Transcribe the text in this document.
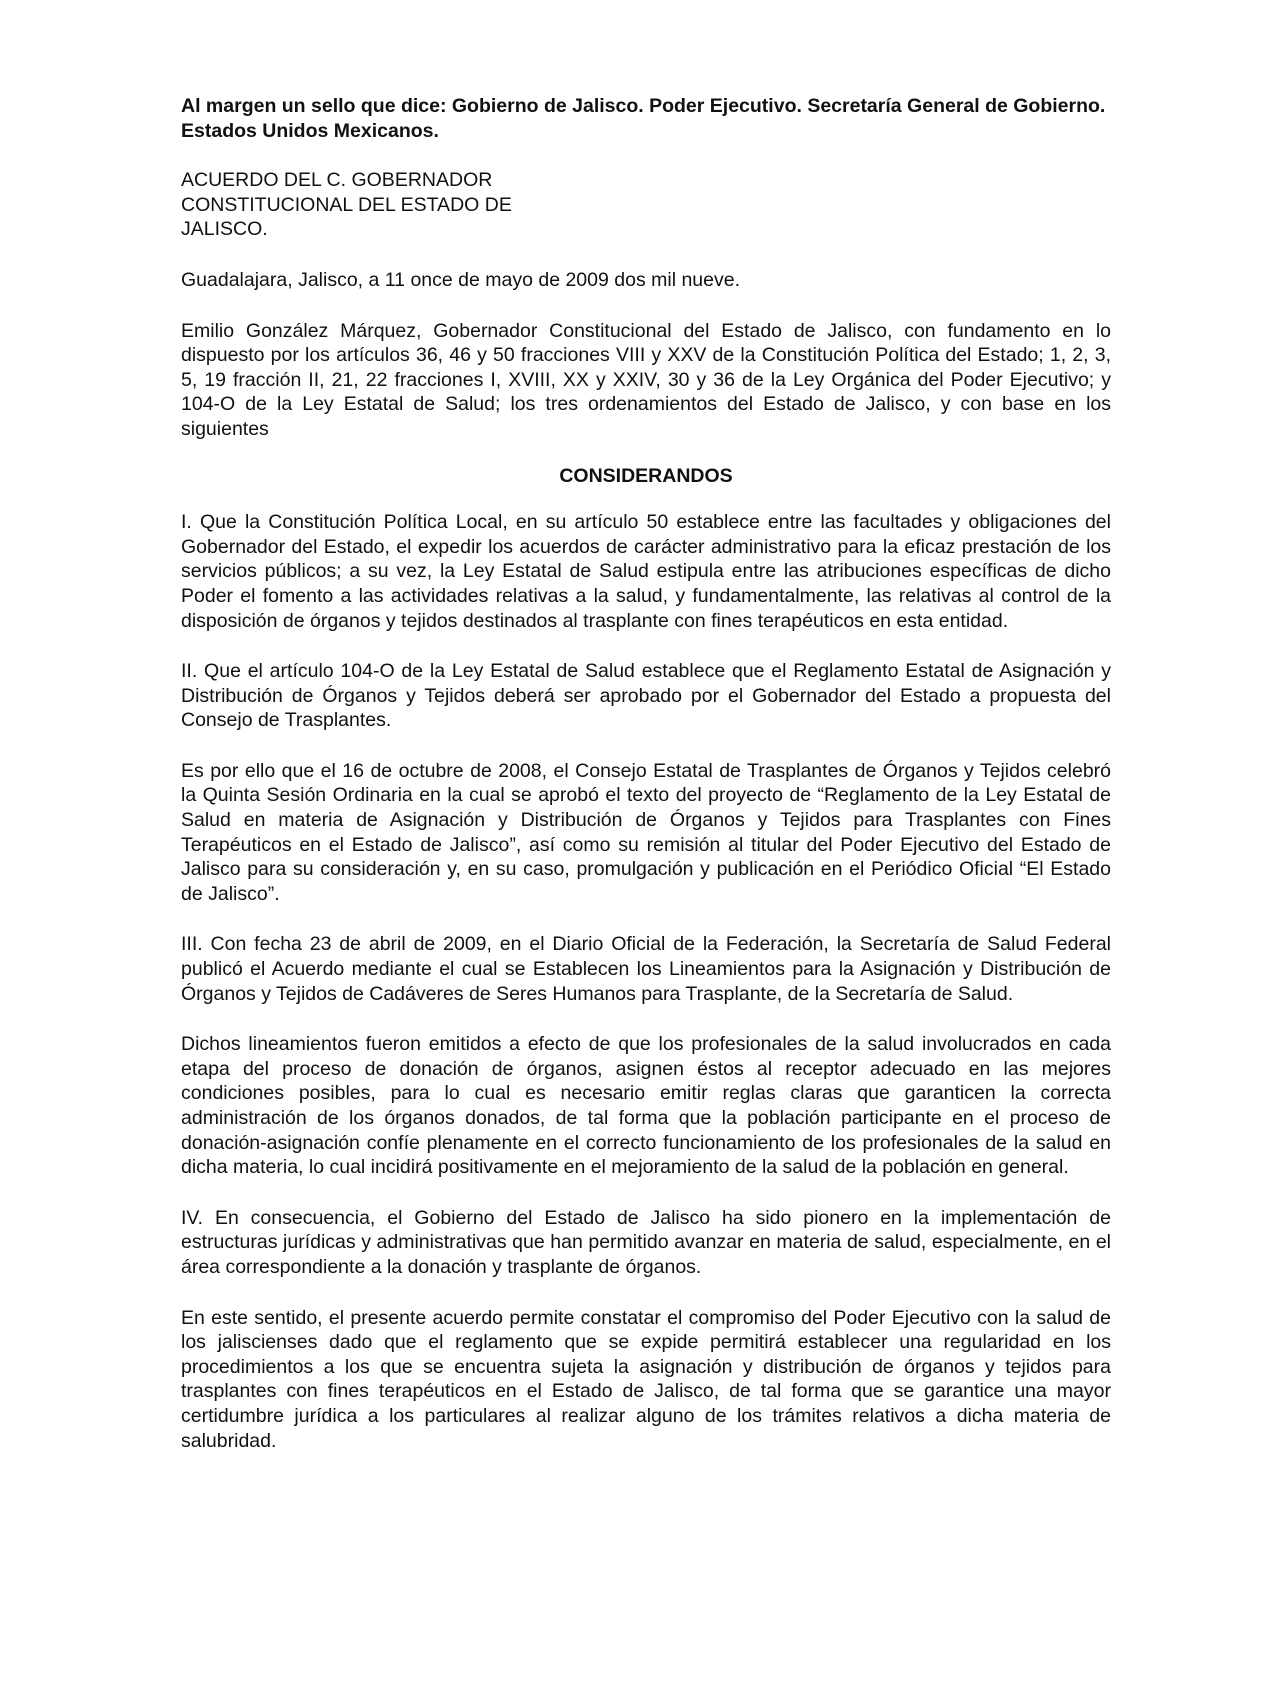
Al margen un sello que dice: Gobierno de Jalisco. Poder Ejecutivo. Secretaría General de Gobierno. Estados Unidos Mexicanos.

ACUERDO DEL C. GOBERNADOR
CONSTITUCIONAL DEL ESTADO DE
JALISCO.

Guadalajara, Jalisco, a 11 once de mayo de 2009 dos mil nueve.

Emilio González Márquez, Gobernador Constitucional del Estado de Jalisco, con fundamento en lo dispuesto por los artículos 36, 46 y 50 fracciones VIII y XXV de la Constitución Política del Estado; 1, 2, 3, 5, 19 fracción II, 21, 22 fracciones I, XVIII, XX y XXIV, 30 y 36 de la Ley Orgánica del Poder Ejecutivo; y 104-O de la Ley Estatal de Salud; los tres ordenamientos del Estado de Jalisco, y con base en los siguientes

CONSIDERANDOS

I. Que la Constitución Política Local, en su artículo 50 establece entre las facultades y obligaciones del Gobernador del Estado, el expedir los acuerdos de carácter administrativo para la eficaz prestación de los servicios públicos; a su vez, la Ley Estatal de Salud estipula entre las atribuciones específicas de dicho Poder el fomento a las actividades relativas a la salud, y fundamentalmente, las relativas al control de la disposición de órganos y tejidos destinados al trasplante con fines terapéuticos en esta entidad.

II. Que el artículo 104-O de la Ley Estatal de Salud establece que el Reglamento Estatal de Asignación y Distribución de Órganos y Tejidos deberá ser aprobado por el Gobernador del Estado a propuesta del Consejo de Trasplantes.

Es por ello que el 16 de octubre de 2008, el Consejo Estatal de Trasplantes de Órganos y Tejidos celebró la Quinta Sesión Ordinaria en la cual se aprobó el texto del proyecto de “Reglamento de la Ley Estatal de Salud en materia de Asignación y Distribución de Órganos y Tejidos para Trasplantes con Fines Terapéuticos en el Estado de Jalisco”, así como su remisión al titular del Poder Ejecutivo del Estado de Jalisco para su consideración y, en su caso, promulgación y publicación en el Periódico Oficial “El Estado de Jalisco”.

III. Con fecha 23 de abril de 2009, en el Diario Oficial de la Federación, la Secretaría de Salud Federal publicó el Acuerdo mediante el cual se Establecen los Lineamientos para la Asignación y Distribución de Órganos y Tejidos de Cadáveres de Seres Humanos para Trasplante, de la Secretaría de Salud.

Dichos lineamientos fueron emitidos a efecto de que los profesionales de la salud involucrados en cada etapa del proceso de donación de órganos, asignen éstos al receptor adecuado en las mejores condiciones posibles, para lo cual es necesario emitir reglas claras que garanticen la correcta administración de los órganos donados, de tal forma que la población participante en el proceso de donación-asignación confíe plenamente en el correcto funcionamiento de los profesionales de la salud en dicha materia, lo cual incidirá positivamente en el mejoramiento de la salud de la población en general.

IV. En consecuencia, el Gobierno del Estado de Jalisco ha sido pionero en la implementación de estructuras jurídicas y administrativas que han permitido avanzar en materia de salud, especialmente, en el área correspondiente a la donación y trasplante de órganos.

En este sentido, el presente acuerdo permite constatar el compromiso del Poder Ejecutivo con la salud de los jaliscienses dado que el reglamento que se expide permitirá establecer una regularidad en los procedimientos a los que se encuentra sujeta la asignación y distribución de órganos y tejidos para trasplantes con fines terapéuticos en el Estado de Jalisco, de tal forma que se garantice una mayor certidumbre jurídica a los particulares al realizar alguno de los trámites relativos a dicha materia de salubridad.
